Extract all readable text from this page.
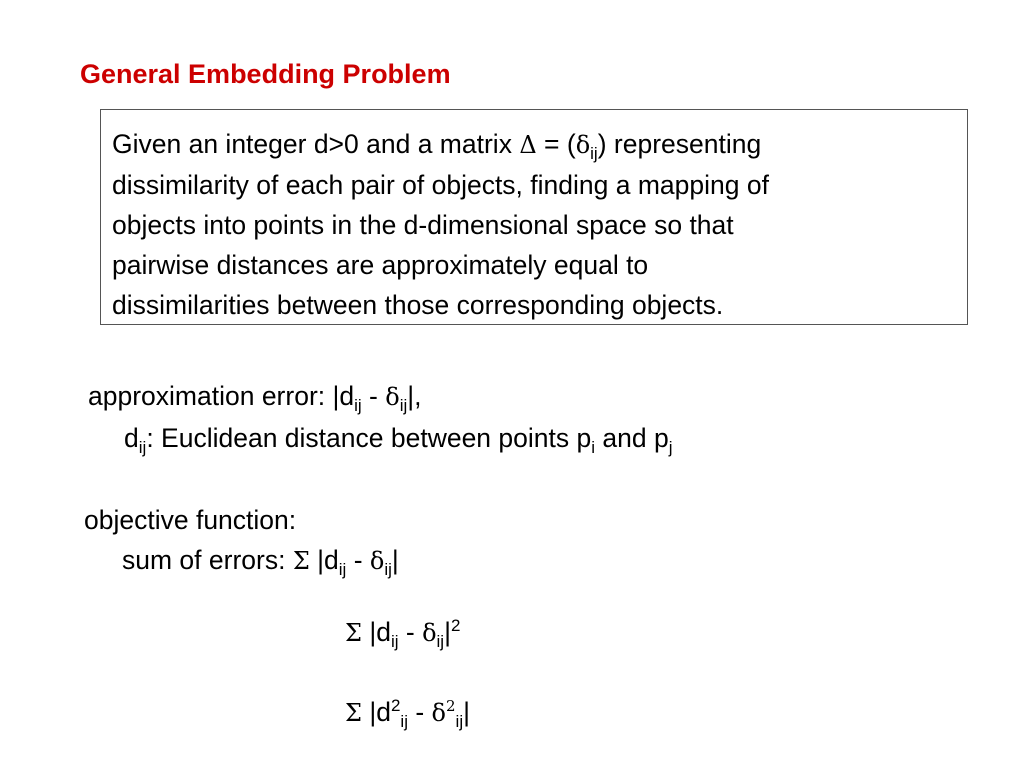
General Embedding Problem
Given an integer d>0 and a matrix $\Delta = (\delta_{ij})$ representing
dissimilarity of each pair of objects, finding a mapping of
objects into points in the d-dimensional space so that
pairwise distances are approximately equal to
dissimilarities between those corresponding objects.
approximation error: $|d_{ij} - \delta_{ij}|$,
$d_{ij}$: Euclidean distance between points $p_i$ and $p_j$
objective function:
sum of errors: Σ $|d_{ij} - \delta_{ij}|$
Σ $|d_{ij} - \delta_{ij}|^2$
Σ $|d^2_{ij} - \delta^2_{ij}|$
